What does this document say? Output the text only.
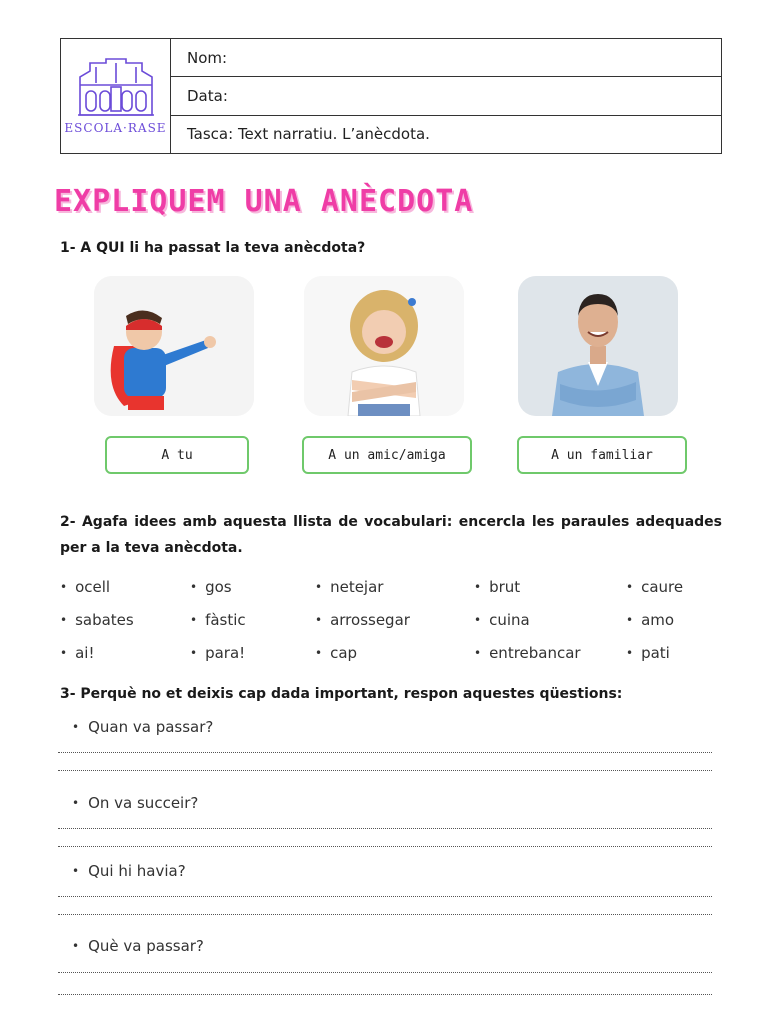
ESCOLA·RASE
Nom:
Data:
Tasca: Text narratiu. L’anècdota.
EXPLIQUEM UNA ANÈCDOTA
1- A QUI li ha passat la teva anècdota?
A tu	A un amic/amiga	A un familiar
2- Agafa idees amb aquesta llista de vocabulari: encercla les paraules adequades per a la teva anècdota.
• ocell	• gos	• netejar	• brut	• caure
• sabates	• fàstic	• arrossegar	• cuina	• amo
• ai!	• para!	• cap	• entrebancar	• pati
3- Perquè no et deixis cap dada important, respon aquestes qüestions:
• Quan va passar?
• On va succeir?
• Qui hi havia?
• Què va passar?
